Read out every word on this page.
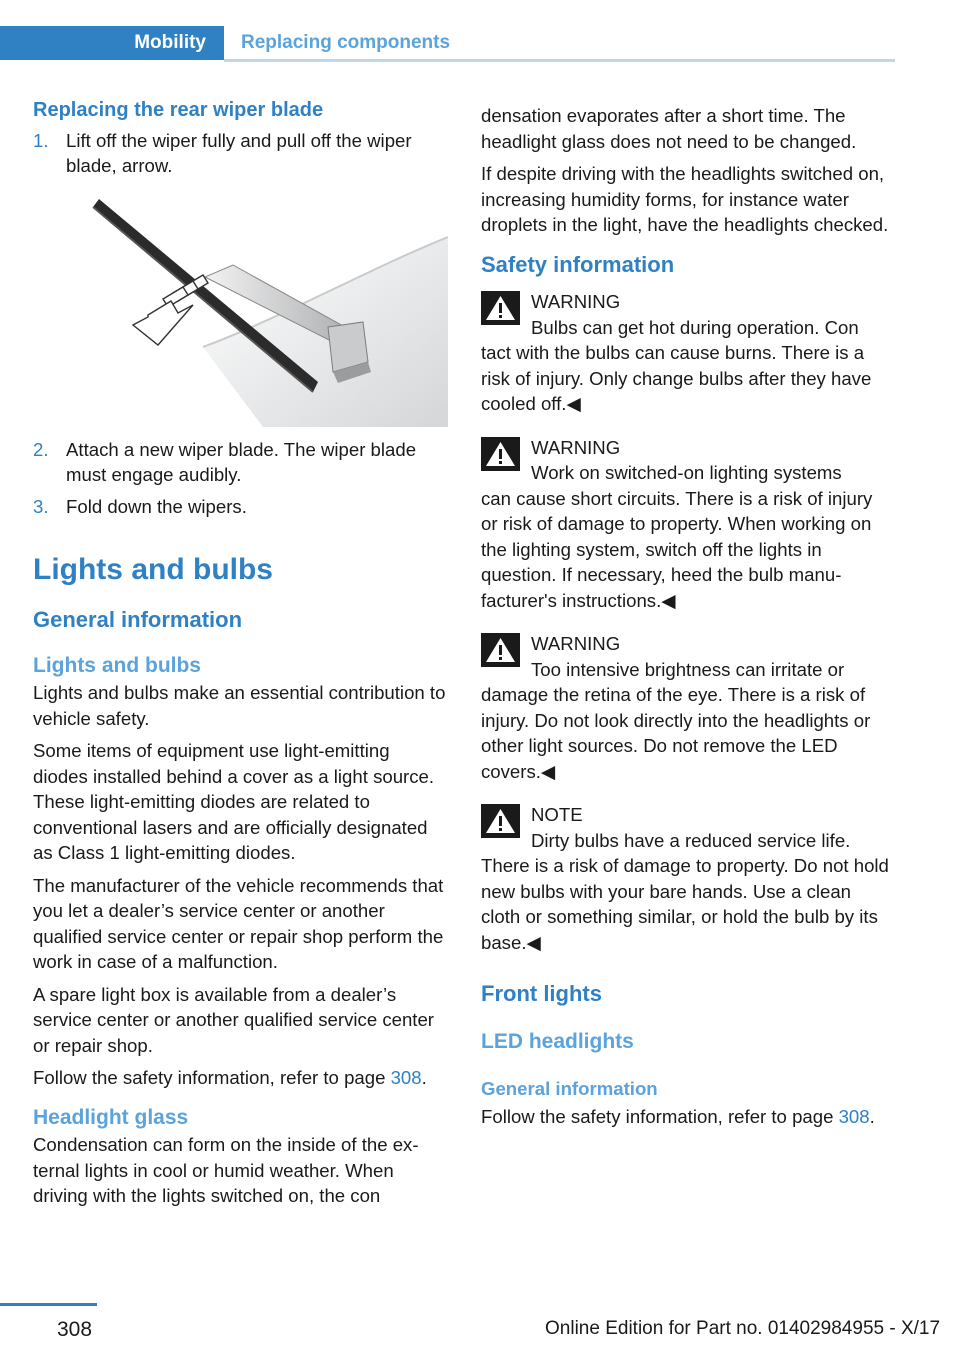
Mobility	Replacing components
Replacing the rear wiper blade
1. Lift off the wiper fully and pull off the wiper blade, arrow.
2. Attach a new wiper blade. The wiper blade must engage audibly.
3. Fold down the wipers.
Lights and bulbs
General information
Lights and bulbs

Lights and bulbs make an essential contribution to vehicle safety.

Some items of equipment use light-emitting diodes installed behind a cover as a light source. These light-emitting diodes are related to conventional lasers and are officially designated as Class 1 light-emitting diodes.

The manufacturer of the vehicle recommends that you let a dealer’s service center or another qualified service center or repair shop perform the work in case of a malfunction.

A spare light box is available from a dealer’s service center or another qualified service center or repair shop.

Follow the safety information, refer to page 308.

Headlight glass

Condensation can form on the inside of the external lights in cool or humid weather. When driving with the lights switched on, the con

densation evaporates after a short time. The headlight glass does not need to be changed.

If despite driving with the headlights switched on, increasing humidity forms, for instance water droplets in the light, have the headlights checked.

Safety information
WARNING
Bulbs can get hot during operation. Con
tact with the bulbs can cause burns. There is a risk of injury. Only change bulbs after they have cooled off.◀
WARNING
Work on switched-on lighting systems
can cause short circuits. There is a risk of injury or risk of damage to property. When working on the lighting system, switch off the lights in question. If necessary, heed the bulb manufacturer's instructions.◀
WARNING
Too intensive brightness can irritate or
damage the retina of the eye. There is a risk of injury. Do not look directly into the headlights or other light sources. Do not remove the LED covers.◀
NOTE
Dirty bulbs have a reduced service life.
There is a risk of damage to property. Do not hold new bulbs with your bare hands. Use a clean cloth or something similar, or hold the bulb by its base.◀
Front lights
LED headlights
General information

Follow the safety information, refer to page 308.

308	Online Edition for Part no. 01402984955 - X/17
